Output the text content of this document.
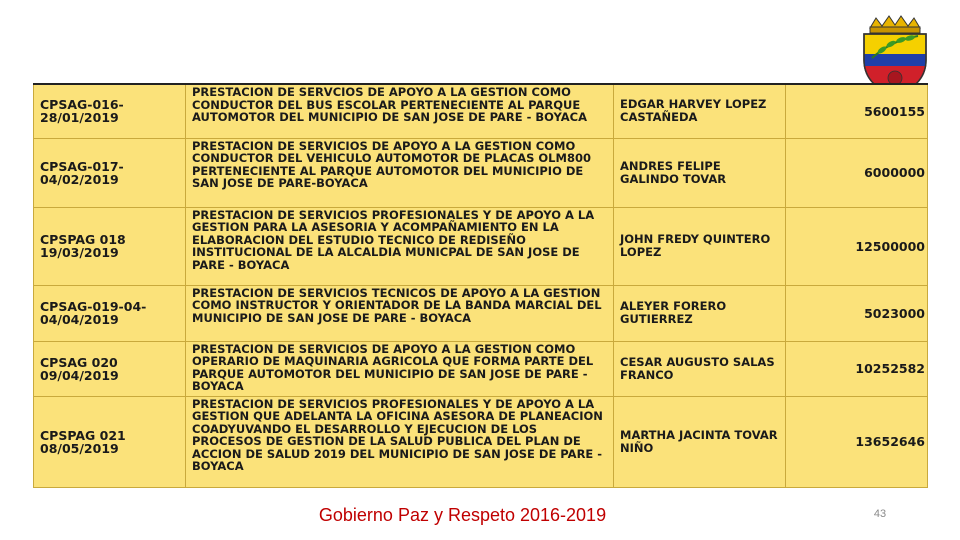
CPSAG-016-28/01/2019	PRESTACION DE SERVCIOS DE APOYO A LA GESTION COMO CONDUCTOR DEL BUS ESCOLAR PERTENECIENTE AL PARQUE AUTOMOTOR DEL MUNICIPIO DE SAN JOSE DE PARE - BOYACA	EDGAR HARVEY LOPEZ CASTAÑEDA	5600155
CPSAG-017-04/02/2019	PRESTACION DE SERVICIOS DE APOYO A LA GESTION COMO CONDUCTOR DEL VEHICULO AUTOMOTOR DE PLACAS OLM800 PERTENECIENTE AL PARQUE AUTOMOTOR DEL MUNICIPIO DE SAN JOSE DE PARE-BOYACA	ANDRES FELIPE GALINDO TOVAR	6000000
CPSPAG 018 19/03/2019	PRESTACION DE SERVICIOS PROFESIONALES Y DE APOYO A LA GESTION PARA LA ASESORIA Y ACOMPAÑAMIENTO EN LA ELABORACION DEL ESTUDIO TECNICO DE REDISEÑO INSTITUCIONAL DE LA ALCALDIA MUNICPAL DE SAN JOSE DE PARE - BOYACA	JOHN FREDY QUINTERO LOPEZ	12500000
CPSAG-019-04-04/04/2019	PRESTACION DE SERVICIOS TECNICOS DE APOYO A LA GESTION COMO INSTRUCTOR Y ORIENTADOR DE LA BANDA MARCIAL DEL MUNICIPIO DE SAN JOSE DE PARE - BOYACA	ALEYER FORERO GUTIERREZ	5023000
CPSAG 020 09/04/2019	PRESTACION DE SERVICIOS DE APOYO A LA GESTION COMO OPERARIO DE MAQUINARIA AGRICOLA QUE FORMA PARTE DEL PARQUE AUTOMOTOR DEL MUNICIPIO DE SAN JOSE DE PARE - BOYACA	CESAR AUGUSTO SALAS FRANCO	10252582
CPSPAG 021 08/05/2019	PRESTACION DE SERVICIOS PROFESIONALES Y DE APOYO A LA GESTION QUE ADELANTA LA OFICINA ASESORA DE PLANEACION COADYUVANDO EL DESARROLLO Y EJECUCION DE LOS PROCESOS DE GESTION DE LA SALUD PUBLICA DEL PLAN DE ACCION DE SALUD 2019 DEL MUNICIPIO DE SAN JOSE DE PARE - BOYACA	MARTHA JACINTA TOVAR NIÑO	13652646
Gobierno Paz y Respeto 2016-2019	43
